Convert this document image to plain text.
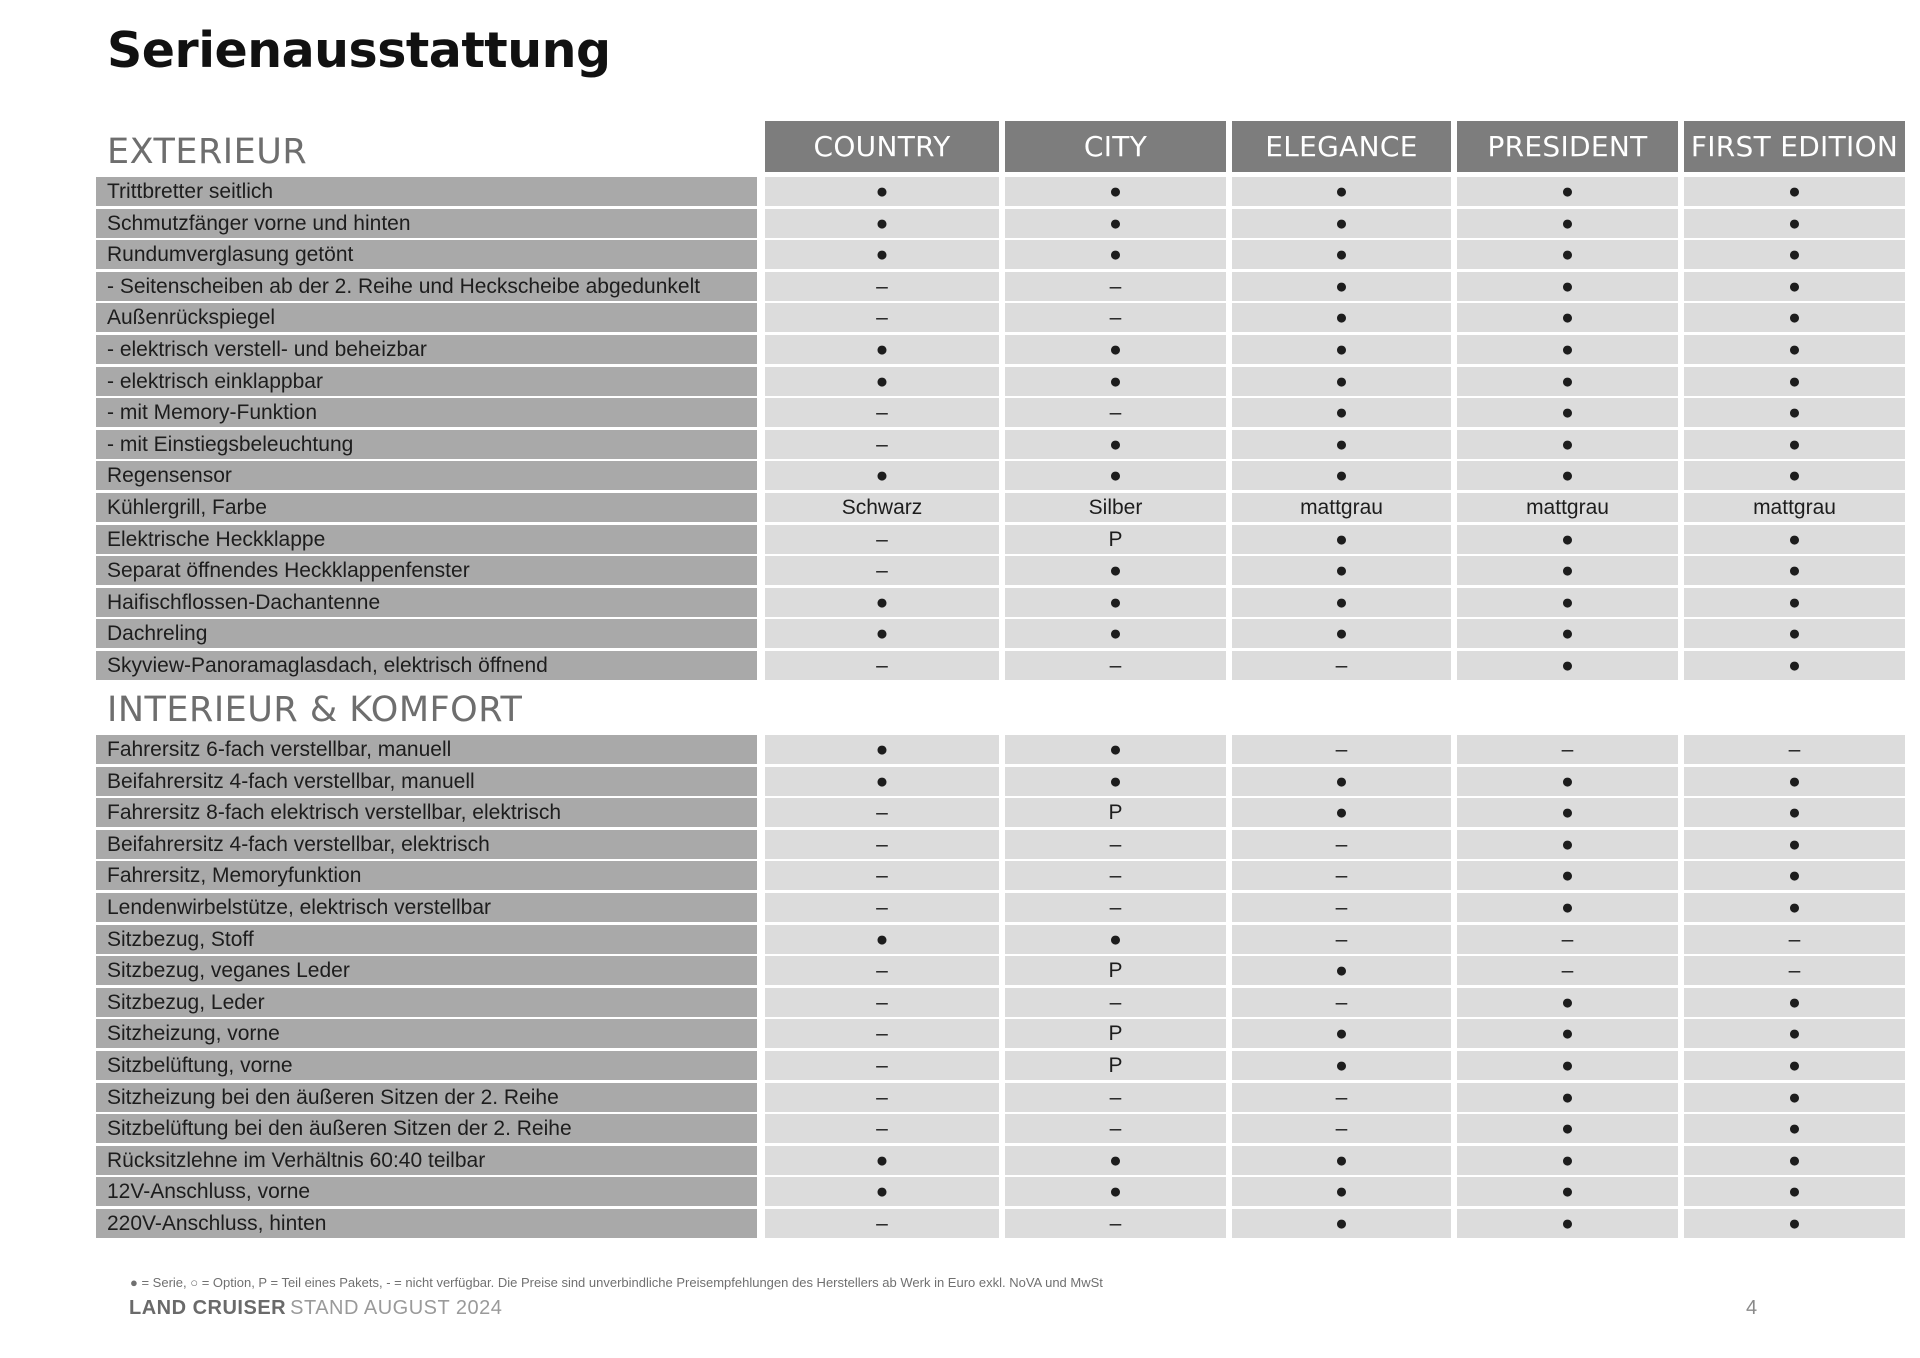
Serienausstattung
COUNTRY	CITY	ELEGANCE	PRESIDENT	FIRST EDITION
EXTERIEUR
Trittbretter seitlich	●	●	●	●	●
Schmutzfänger vorne und hinten	●	●	●	●	●
Rundumverglasung getönt	●	●	●	●	●
- Seitenscheiben ab der 2. Reihe und Heckscheibe abgedunkelt	–	–	●	●	●
Außenrückspiegel	–	–	●	●	●
- elektrisch verstell- und beheizbar	●	●	●	●	●
- elektrisch einklappbar	●	●	●	●	●
- mit Memory-Funktion	–	–	●	●	●
- mit Einstiegsbeleuchtung	–	●	●	●	●
Regensensor	●	●	●	●	●
Kühlergrill, Farbe	Schwarz	Silber	mattgrau	mattgrau	mattgrau
Elektrische Heckklappe	–	P	●	●	●
Separat öffnendes Heckklappenfenster	–	●	●	●	●
Haifischflossen-Dachantenne	●	●	●	●	●
Dachreling	●	●	●	●	●
Skyview-Panoramaglasdach, elektrisch öffnend	–	–	–	●	●
INTERIEUR & KOMFORT
Fahrersitz 6-fach verstellbar, manuell	●	●	–	–	–
Beifahrersitz 4-fach verstellbar, manuell	●	●	●	●	●
Fahrersitz 8-fach elektrisch verstellbar, elektrisch	–	P	●	●	●
Beifahrersitz 4-fach verstellbar, elektrisch	–	–	–	●	●
Fahrersitz, Memoryfunktion	–	–	–	●	●
Lendenwirbelstütze, elektrisch verstellbar	–	–	–	●	●
Sitzbezug, Stoff	●	●	–	–	–
Sitzbezug, veganes Leder	–	P	●	–	–
Sitzbezug, Leder	–	–	–	●	●
Sitzheizung, vorne	–	P	●	●	●
Sitzbelüftung, vorne	–	P	●	●	●
Sitzheizung bei den äußeren Sitzen der 2. Reihe	–	–	–	●	●
Sitzbelüftung bei den äußeren Sitzen der 2. Reihe	–	–	–	●	●
Rücksitzlehne im Verhältnis 60:40 teilbar	●	●	●	●	●
12V-Anschluss, vorne	●	●	●	●	●
220V-Anschluss, hinten	–	–	●	●	●
● = Serie, ○ = Option, P = Teil eines Pakets, - = nicht verfügbar. Die Preise sind unverbindliche Preisempfehlungen des Herstellers ab Werk in Euro exkl. NoVA und MwSt
LAND CRUISER STAND AUGUST 2024	4
